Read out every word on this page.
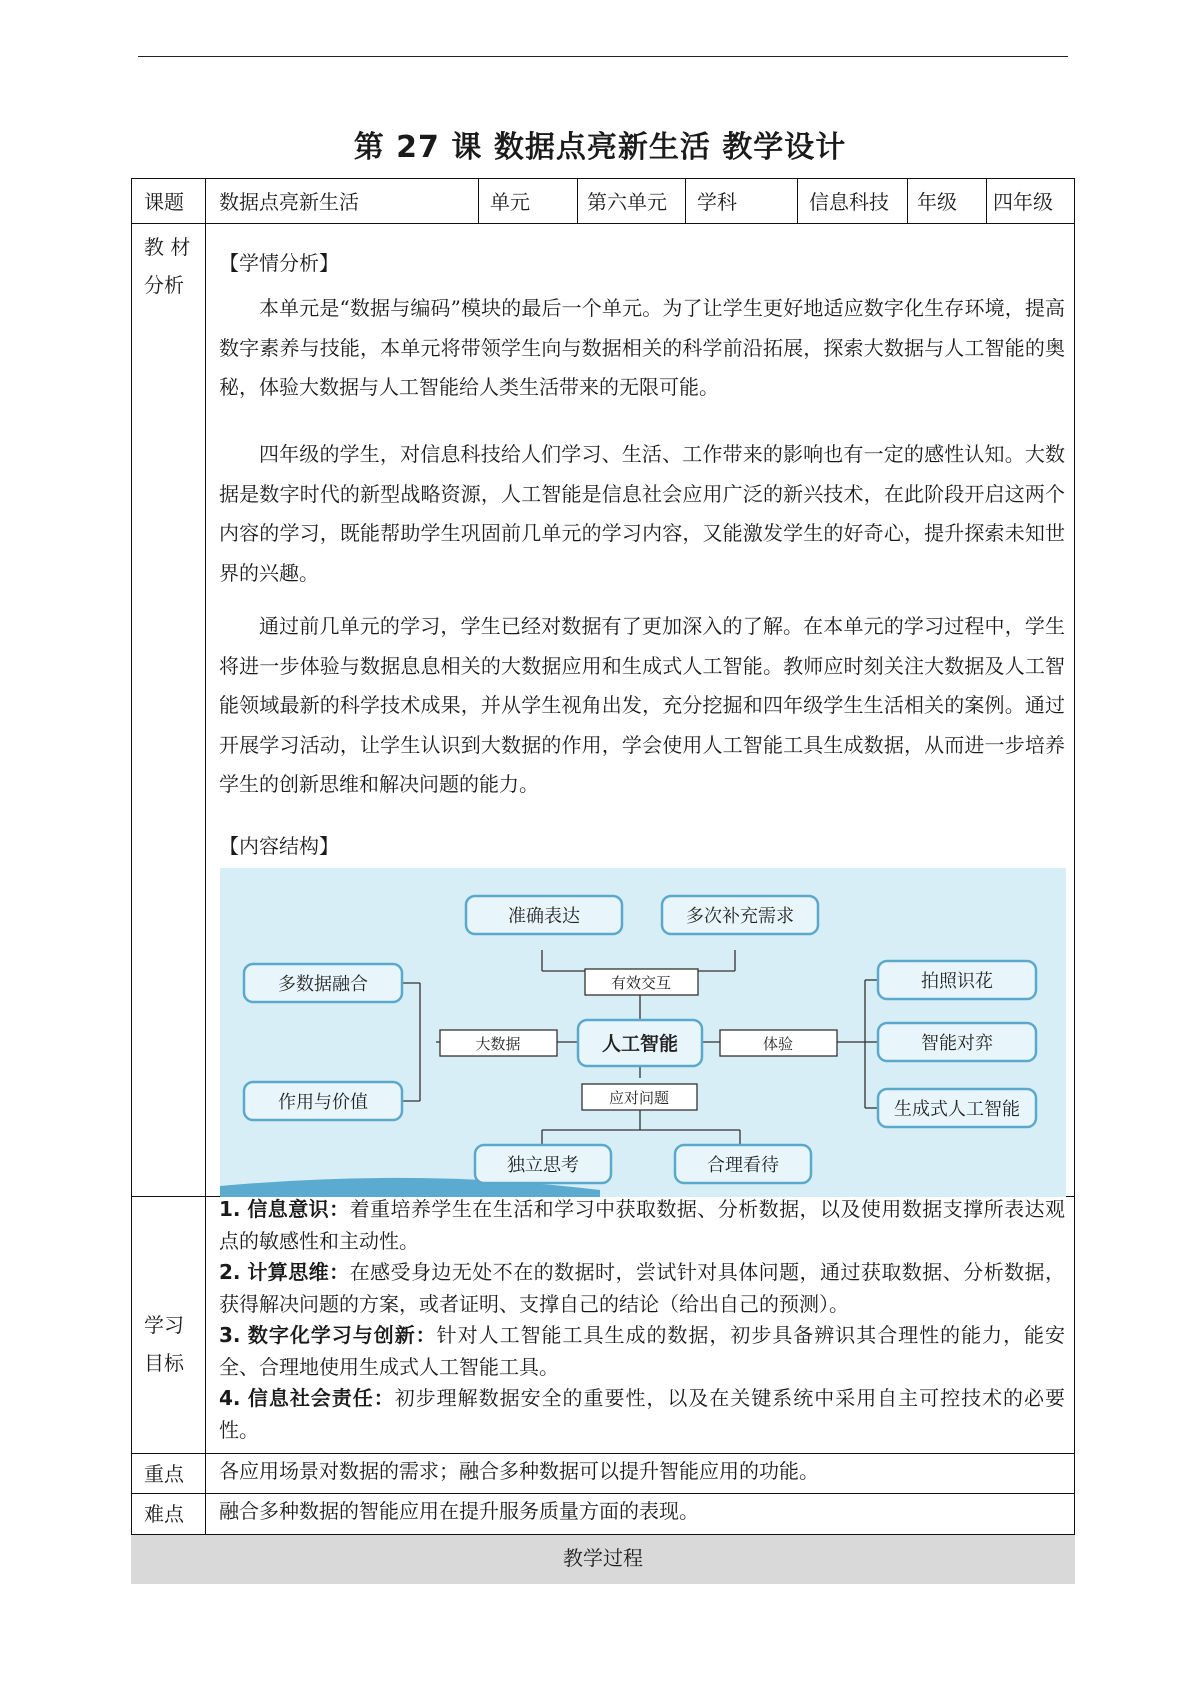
第 27 课 数据点亮新生活 教学设计
课题 数据点亮新生活	单元	第六单元 学科	信息科技 年级 四年级
教 材
分析
【学情分析】

本单元是“数据与编码”模块的最后一个单元。为了让学生更好地适应数字化生存环境，提高数字素养与技能，本单元将带领学生向与数据相关的科学前沿拓展，探索大数据与人工智能的奥秘，体验大数据与人工智能给人类生活带来的无限可能。

四年级的学生，对信息科技给人们学习、生活、工作带来的影响也有一定的感性认知。大数据是数字时代的新型战略资源，人工智能是信息社会应用广泛的新兴技术，在此阶段开启这两个内容的学习，既能帮助学生巩固前几单元的学习内容，又能激发学生的好奇心，提升探索未知世界的兴趣。

通过前几单元的学习，学生已经对数据有了更加深入的了解。在本单元的学习过程中，学生将进一步体验与数据息息相关的大数据应用和生成式人工智能。教师应时刻关注大数据及人工智能领域最新的科学技术成果，并从学生视角出发，充分挖掘和四年级学生生活相关的案例。通过开展学习活动，让学生认识到大数据的作用，学会使用人工智能工具生成数据，从而进一步培养学生的创新思维和解决问题的能力。

【内容结构】
准确表达	多次补充需求
多数据融合
作用与价值
拍照识花
智能对弈
生成式人工智能
独立思考	合理看待
人工智能
有效交互
大数据	体验
应对问题
学习
目标
1. 信息意识：着重培养学生在生活和学习中获取数据、分析数据，以及使用数据支撑所表达观点的敏感性和主动性。
2. 计算思维：在感受身边无处不在的数据时，尝试针对具体问题，通过获取数据、分析数据，获得解决问题的方案，或者证明、支撑自己的结论（给出自己的预测）。
3. 数字化学习与创新：针对人工智能工具生成的数据，初步具备辨识其合理性的能力，能安全、合理地使用生成式人工智能工具。
4. 信息社会责任：初步理解数据安全的重要性，以及在关键系统中采用自主可控技术的必要性。
重点 各应用场景对数据的需求；融合多种数据可以提升智能应用的功能。
难点 融合多种数据的智能应用在提升服务质量方面的表现。
教学过程
